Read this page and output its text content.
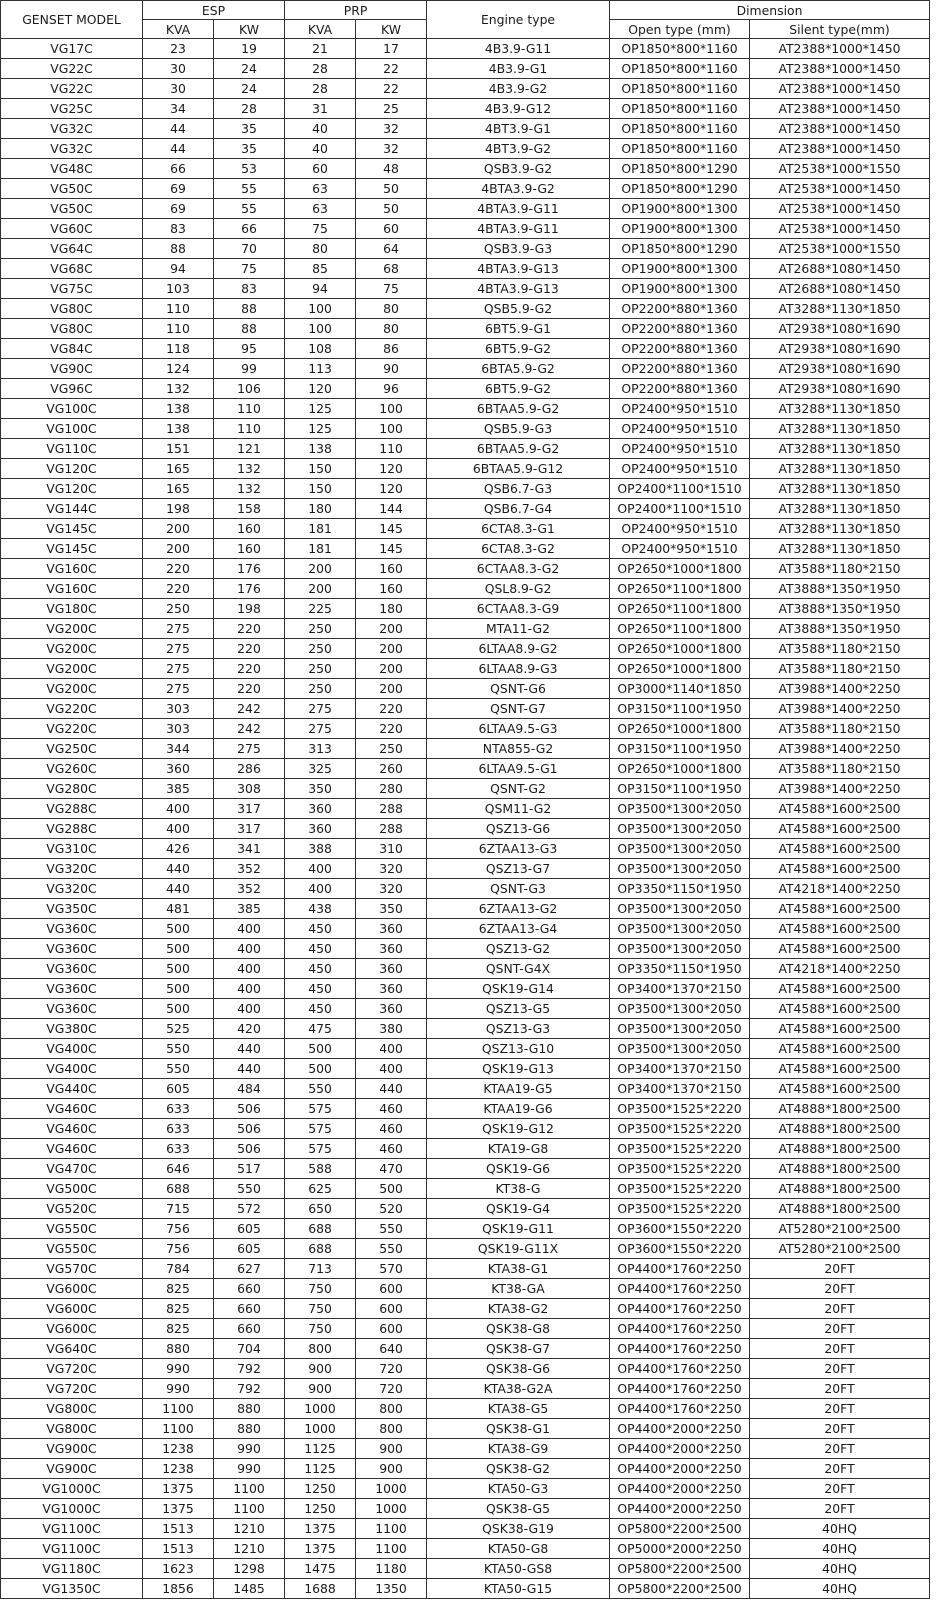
GENSET MODEL	ESP		PRP		Engine type	Dimension	
	KVA	KW	KVA	KW		Open type (mm)	Silent type(mm)
VG17C	23	19	21	17	4B3.9-G11	OP1850*800*1160	AT2388*1000*1450
VG22C	30	24	28	22	4B3.9-G1	OP1850*800*1160	AT2388*1000*1450
VG22C	30	24	28	22	4B3.9-G2	OP1850*800*1160	AT2388*1000*1450
VG25C	34	28	31	25	4B3.9-G12	OP1850*800*1160	AT2388*1000*1450
VG32C	44	35	40	32	4BT3.9-G1	OP1850*800*1160	AT2388*1000*1450
VG32C	44	35	40	32	4BT3.9-G2	OP1850*800*1160	AT2388*1000*1450
VG48C	66	53	60	48	QSB3.9-G2	OP1850*800*1290	AT2538*1000*1550
VG50C	69	55	63	50	4BTA3.9-G2	OP1850*800*1290	AT2538*1000*1450
VG50C	69	55	63	50	4BTA3.9-G11	OP1900*800*1300	AT2538*1000*1450
VG60C	83	66	75	60	4BTA3.9-G11	OP1900*800*1300	AT2538*1000*1450
VG64C	88	70	80	64	QSB3.9-G3	OP1850*800*1290	AT2538*1000*1550
VG68C	94	75	85	68	4BTA3.9-G13	OP1900*800*1300	AT2688*1080*1450
VG75C	103	83	94	75	4BTA3.9-G13	OP1900*800*1300	AT2688*1080*1450
VG80C	110	88	100	80	QSB5.9-G2	OP2200*880*1360	AT3288*1130*1850
VG80C	110	88	100	80	6BT5.9-G1	OP2200*880*1360	AT2938*1080*1690
VG84C	118	95	108	86	6BT5.9-G2	OP2200*880*1360	AT2938*1080*1690
VG90C	124	99	113	90	6BTA5.9-G2	OP2200*880*1360	AT2938*1080*1690
VG96C	132	106	120	96	6BT5.9-G2	OP2200*880*1360	AT2938*1080*1690
VG100C	138	110	125	100	6BTAA5.9-G2	OP2400*950*1510	AT3288*1130*1850
VG100C	138	110	125	100	QSB5.9-G3	OP2400*950*1510	AT3288*1130*1850
VG110C	151	121	138	110	6BTAA5.9-G2	OP2400*950*1510	AT3288*1130*1850
VG120C	165	132	150	120	6BTAA5.9-G12	OP2400*950*1510	AT3288*1130*1850
VG120C	165	132	150	120	QSB6.7-G3	OP2400*1100*1510	AT3288*1130*1850
VG144C	198	158	180	144	QSB6.7-G4	OP2400*1100*1510	AT3288*1130*1850
VG145C	200	160	181	145	6CTA8.3-G1	OP2400*950*1510	AT3288*1130*1850
VG145C	200	160	181	145	6CTA8.3-G2	OP2400*950*1510	AT3288*1130*1850
VG160C	220	176	200	160	6CTAA8.3-G2	OP2650*1000*1800	AT3588*1180*2150
VG160C	220	176	200	160	QSL8.9-G2	OP2650*1100*1800	AT3888*1350*1950
VG180C	250	198	225	180	6CTAA8.3-G9	OP2650*1100*1800	AT3888*1350*1950
VG200C	275	220	250	200	MTA11-G2	OP2650*1100*1800	AT3888*1350*1950
VG200C	275	220	250	200	6LTAA8.9-G2	OP2650*1000*1800	AT3588*1180*2150
VG200C	275	220	250	200	6LTAA8.9-G3	OP2650*1000*1800	AT3588*1180*2150
VG200C	275	220	250	200	QSNT-G6	OP3000*1140*1850	AT3988*1400*2250
VG220C	303	242	275	220	QSNT-G7	OP3150*1100*1950	AT3988*1400*2250
VG220C	303	242	275	220	6LTAA9.5-G3	OP2650*1000*1800	AT3588*1180*2150
VG250C	344	275	313	250	NTA855-G2	OP3150*1100*1950	AT3988*1400*2250
VG260C	360	286	325	260	6LTAA9.5-G1	OP2650*1000*1800	AT3588*1180*2150
VG280C	385	308	350	280	QSNT-G2	OP3150*1100*1950	AT3988*1400*2250
VG288C	400	317	360	288	QSM11-G2	OP3500*1300*2050	AT4588*1600*2500
VG288C	400	317	360	288	QSZ13-G6	OP3500*1300*2050	AT4588*1600*2500
VG310C	426	341	388	310	6ZTAA13-G3	OP3500*1300*2050	AT4588*1600*2500
VG320C	440	352	400	320	QSZ13-G7	OP3500*1300*2050	AT4588*1600*2500
VG320C	440	352	400	320	QSNT-G3	OP3350*1150*1950	AT4218*1400*2250
VG350C	481	385	438	350	6ZTAA13-G2	OP3500*1300*2050	AT4588*1600*2500
VG360C	500	400	450	360	6ZTAA13-G4	OP3500*1300*2050	AT4588*1600*2500
VG360C	500	400	450	360	QSZ13-G2	OP3500*1300*2050	AT4588*1600*2500
VG360C	500	400	450	360	QSNT-G4X	OP3350*1150*1950	AT4218*1400*2250
VG360C	500	400	450	360	QSK19-G14	OP3400*1370*2150	AT4588*1600*2500
VG360C	500	400	450	360	QSZ13-G5	OP3500*1300*2050	AT4588*1600*2500
VG380C	525	420	475	380	QSZ13-G3	OP3500*1300*2050	AT4588*1600*2500
VG400C	550	440	500	400	QSZ13-G10	OP3500*1300*2050	AT4588*1600*2500
VG400C	550	440	500	400	QSK19-G13	OP3400*1370*2150	AT4588*1600*2500
VG440C	605	484	550	440	KTAA19-G5	OP3400*1370*2150	AT4588*1600*2500
VG460C	633	506	575	460	KTAA19-G6	OP3500*1525*2220	AT4888*1800*2500
VG460C	633	506	575	460	QSK19-G12	OP3500*1525*2220	AT4888*1800*2500
VG460C	633	506	575	460	KTA19-G8	OP3500*1525*2220	AT4888*1800*2500
VG470C	646	517	588	470	QSK19-G6	OP3500*1525*2220	AT4888*1800*2500
VG500C	688	550	625	500	KT38-G	OP3500*1525*2220	AT4888*1800*2500
VG520C	715	572	650	520	QSK19-G4	OP3500*1525*2220	AT4888*1800*2500
VG550C	756	605	688	550	QSK19-G11	OP3600*1550*2220	AT5280*2100*2500
VG550C	756	605	688	550	QSK19-G11X	OP3600*1550*2220	AT5280*2100*2500
VG570C	784	627	713	570	KTA38-G1	OP4400*1760*2250	20FT
VG600C	825	660	750	600	KT38-GA	OP4400*1760*2250	20FT
VG600C	825	660	750	600	KTA38-G2	OP4400*1760*2250	20FT
VG600C	825	660	750	600	QSK38-G8	OP4400*1760*2250	20FT
VG640C	880	704	800	640	QSK38-G7	OP4400*1760*2250	20FT
VG720C	990	792	900	720	QSK38-G6	OP4400*1760*2250	20FT
VG720C	990	792	900	720	KTA38-G2A	OP4400*1760*2250	20FT
VG800C	1100	880	1000	800	KTA38-G5	OP4400*1760*2250	20FT
VG800C	1100	880	1000	800	QSK38-G1	OP4400*2000*2250	20FT
VG900C	1238	990	1125	900	KTA38-G9	OP4400*2000*2250	20FT
VG900C	1238	990	1125	900	QSK38-G2	OP4400*2000*2250	20FT
VG1000C	1375	1100	1250	1000	KTA50-G3	OP4400*2000*2250	20FT
VG1000C	1375	1100	1250	1000	QSK38-G5	OP4400*2000*2250	20FT
VG1100C	1513	1210	1375	1100	QSK38-G19	OP5800*2200*2500	40HQ
VG1100C	1513	1210	1375	1100	KTA50-G8	OP5000*2000*2250	40HQ
VG1180C	1623	1298	1475	1180	KTA50-GS8	OP5800*2200*2500	40HQ
VG1350C	1856	1485	1688	1350	KTA50-G15	OP5800*2200*2500	40HQ
